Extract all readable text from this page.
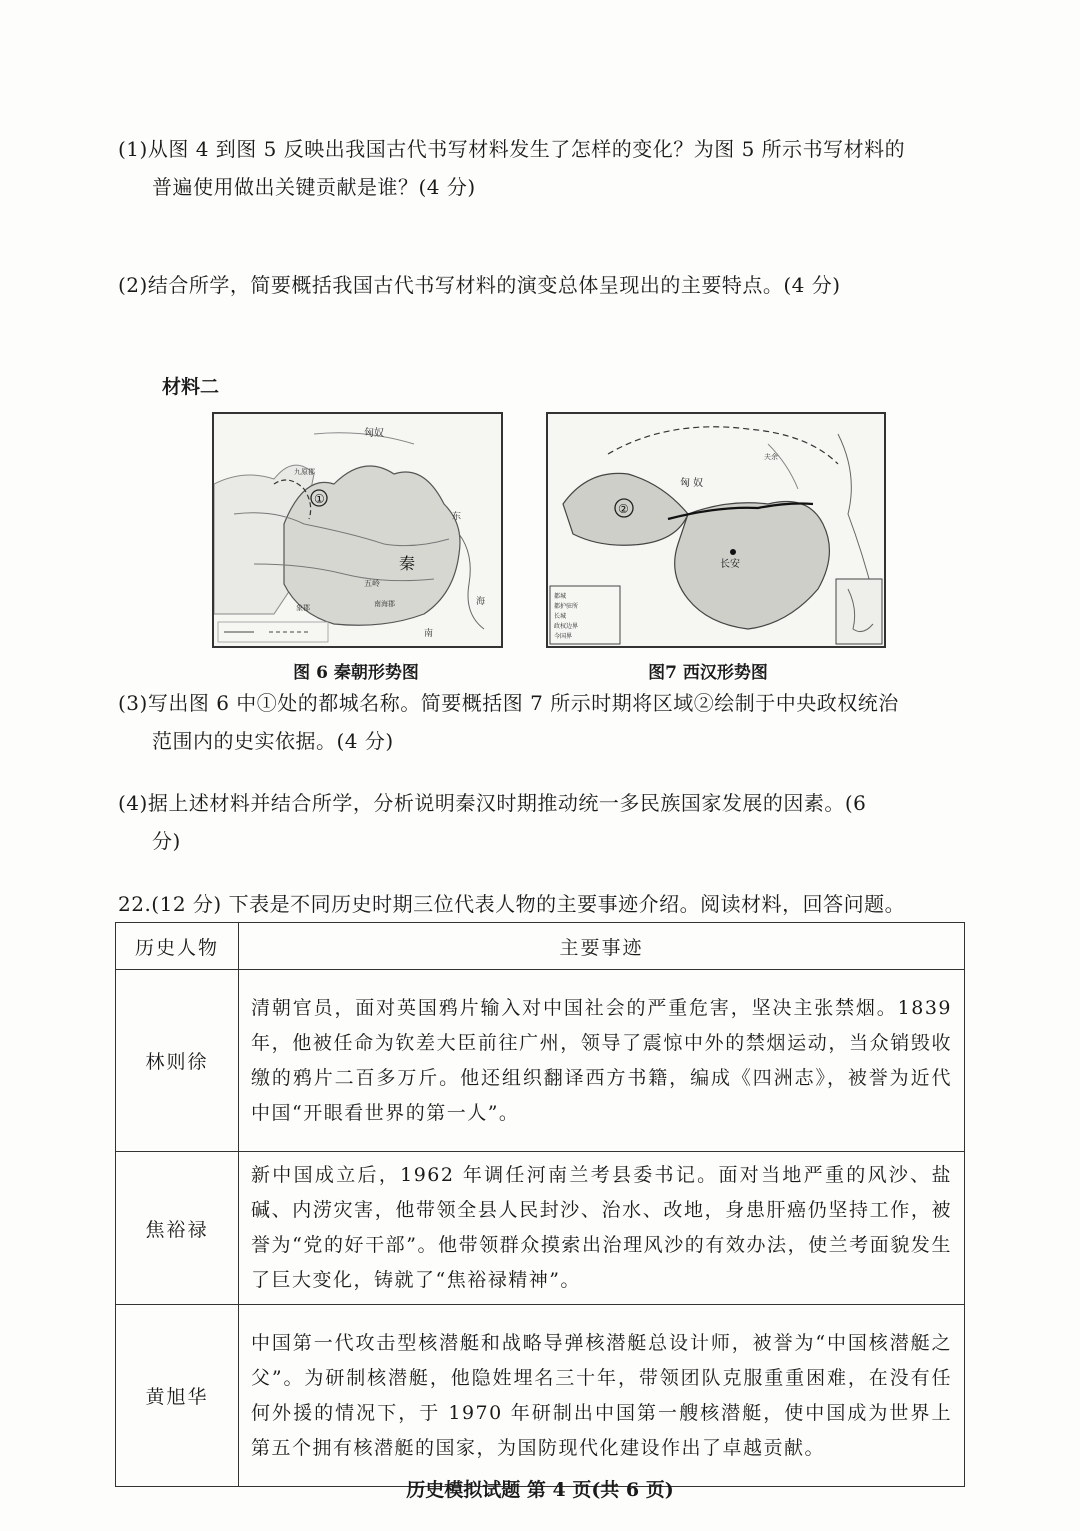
(1)从图 4 到图 5 反映出我国古代书写材料发生了怎样的变化？为图 5 所示书写材料的
普遍使用做出关键贡献是谁？(4 分)
(2)结合所学，简要概括我国古代书写材料的演变总体呈现出的主要特点。(4 分)
材料二
匈奴
九原郡
①
秦
五岭
南海郡
东
南
海
象郡
图 6 秦朝形势图
都城
都护驻所
长城
政权边界
今国界
②
匈 奴
长安
夫余
图7 西汉形势图
(3)写出图 6 中①处的都城名称。简要概括图 7 所示时期将区域②绘制于中央政权统治
范围内的史实依据。(4 分)
(4)据上述材料并结合所学，分析说明秦汉时期推动统一多民族国家发展的因素。(6
分)
22.(12 分) 下表是不同历史时期三位代表人物的主要事迹介绍。阅读材料，回答问题。
历史人物	主要事迹
林则徐	清朝官员，面对英国鸦片输入对中国社会的严重危害，坚决主张禁烟。1839 年，他被任命为钦差大臣前往广州，领导了震惊中外的禁烟运动，当众销毁收缴的鸦片二百多万斤。他还组织翻译西方书籍，编成《四洲志》，被誉为近代中国“开眼看世界的第一人”。
焦裕禄	新中国成立后，1962 年调任河南兰考县委书记。面对当地严重的风沙、盐碱、内涝灾害，他带领全县人民封沙、治水、改地，身患肝癌仍坚持工作，被誉为“党的好干部”。他带领群众摸索出治理风沙的有效办法，使兰考面貌发生了巨大变化，铸就了“焦裕禄精神”。
黄旭华	中国第一代攻击型核潜艇和战略导弹核潜艇总设计师，被誉为“中国核潜艇之父”。为研制核潜艇，他隐姓埋名三十年，带领团队克服重重困难，在没有任何外援的情况下，于 1970 年研制出中国第一艘核潜艇，使中国成为世界上第五个拥有核潜艇的国家，为国防现代化建设作出了卓越贡献。
历史模拟试题 第 4 页(共 6 页)
